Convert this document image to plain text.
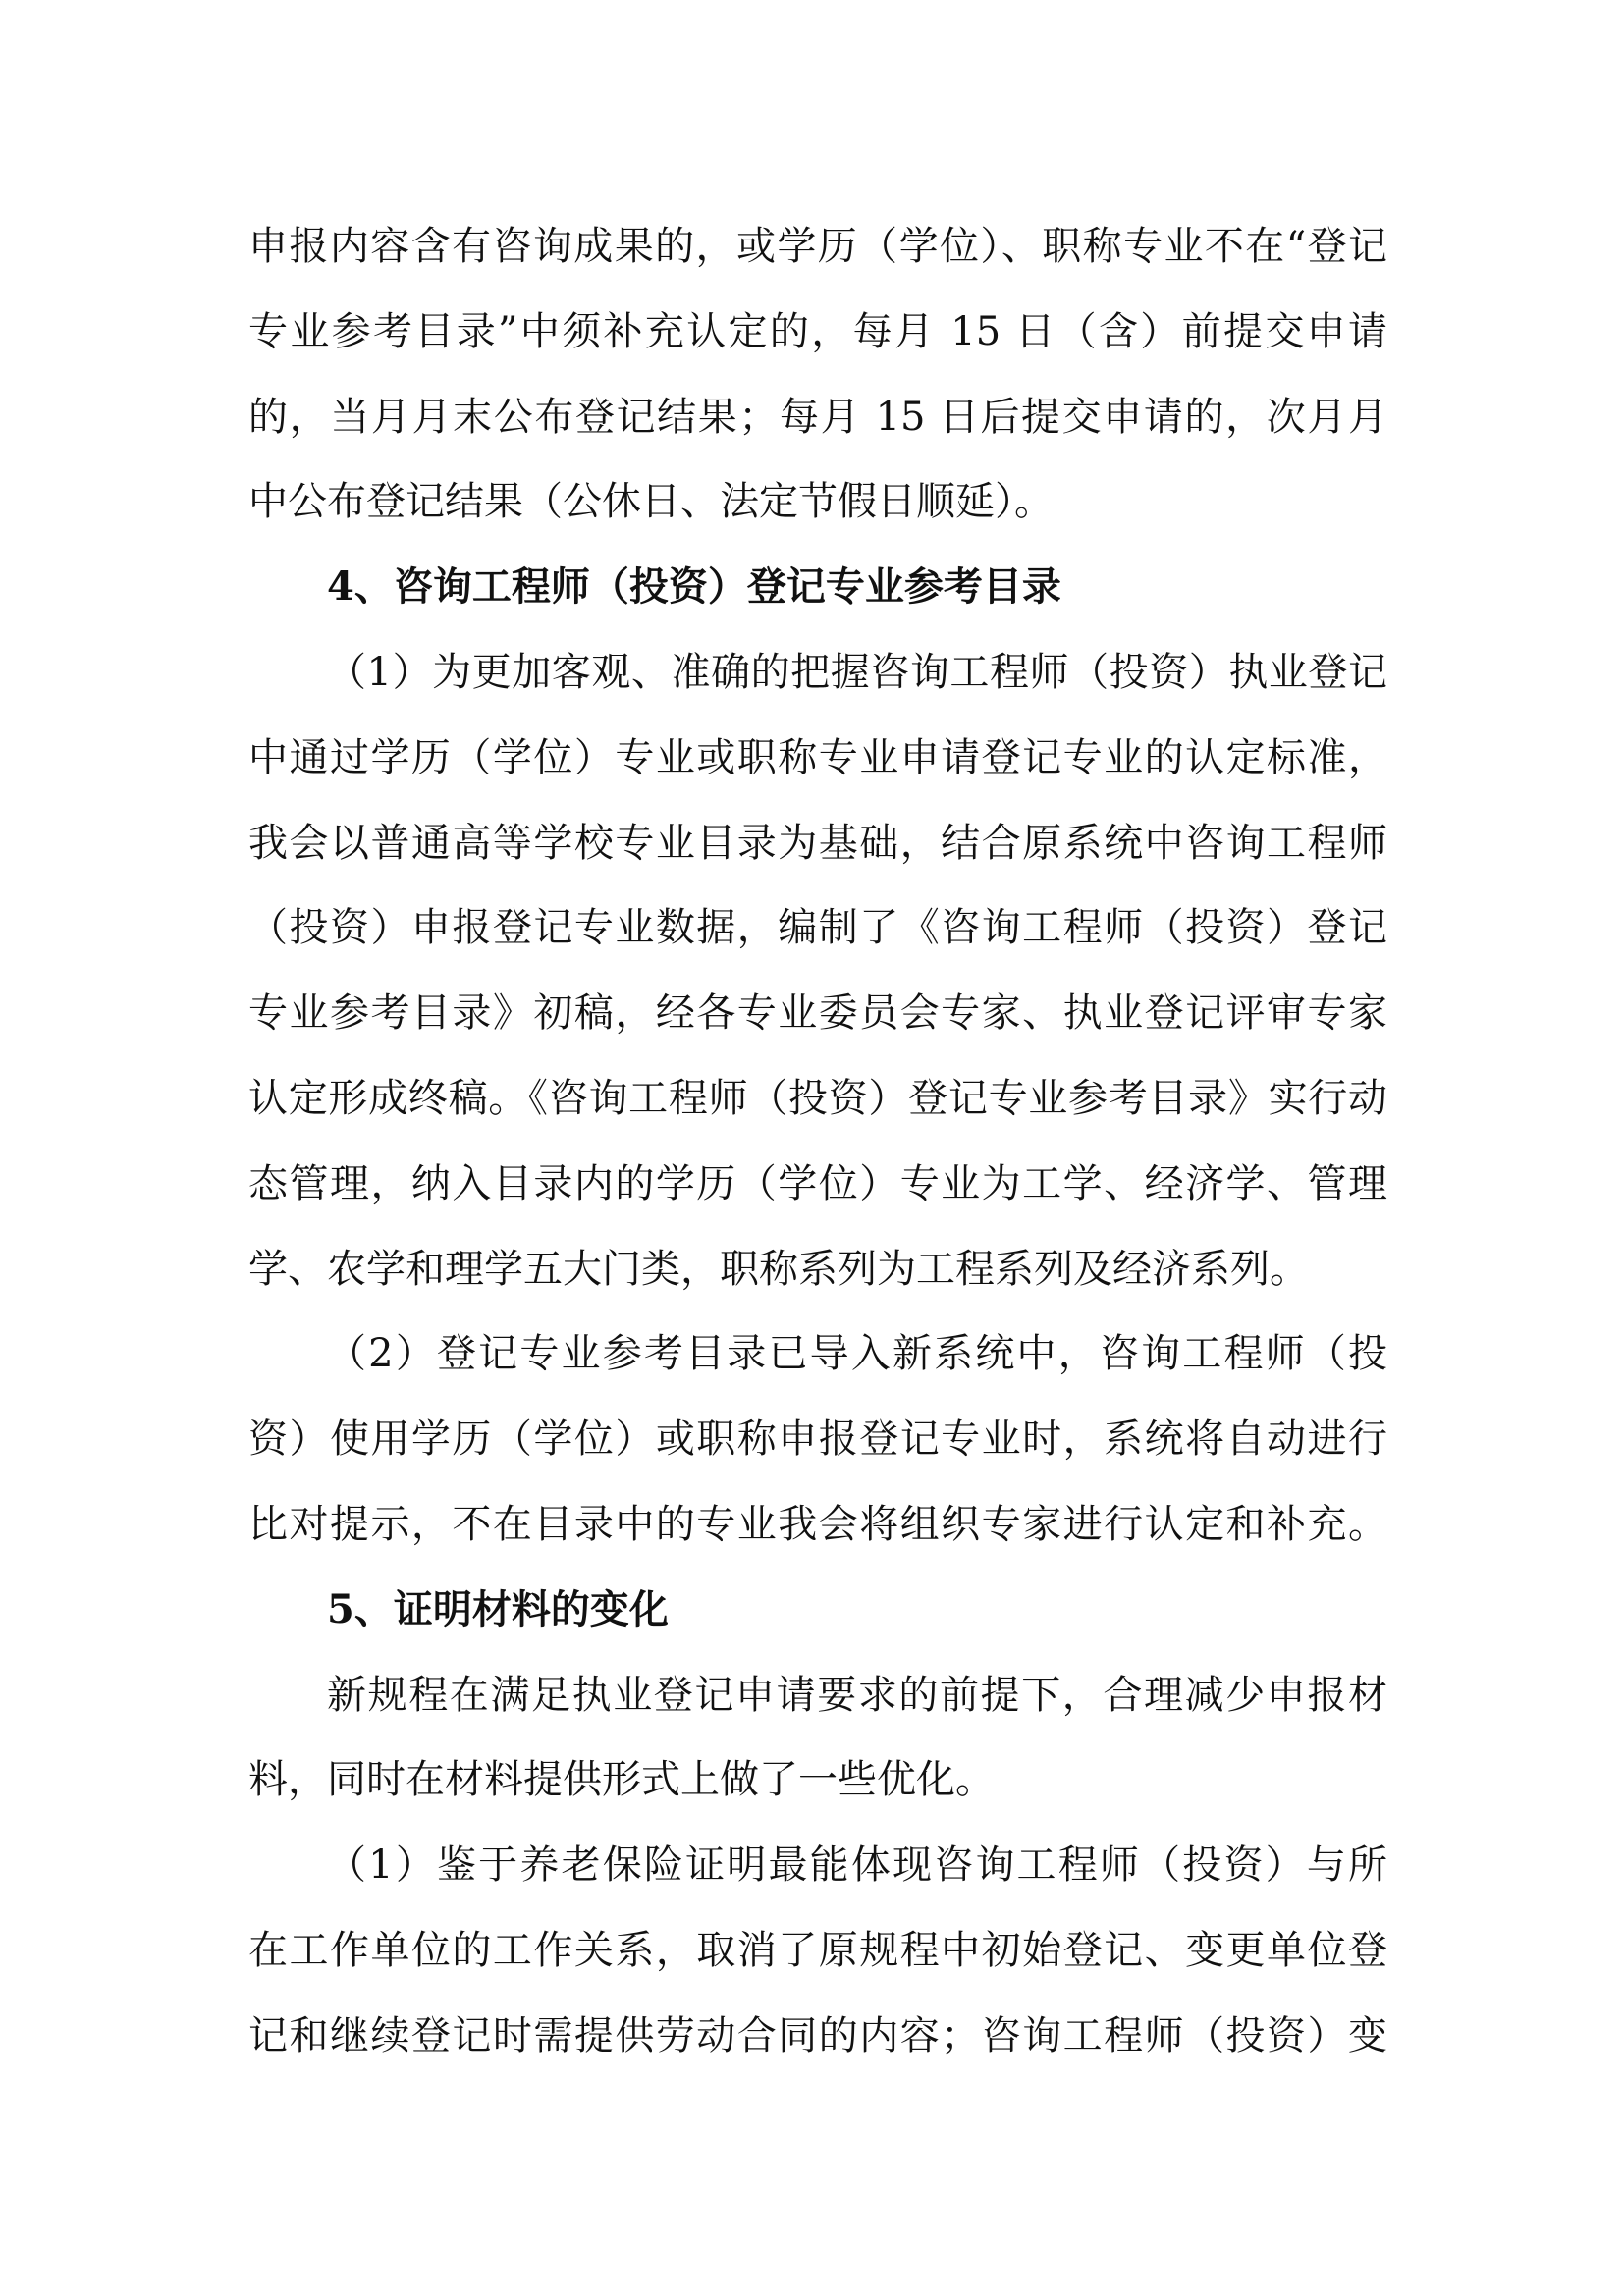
申报内容含有咨询成果的，或学历（学位）、职称专业不在“登记
专业参考目录”中须补充认定的，每月 15 日（含）前提交申请
的，当月月末公布登记结果；每月 15 日后提交申请的，次月月
中公布登记结果（公休日、法定节假日顺延）。
4、咨询工程师（投资）登记专业参考目录
（1）为更加客观、准确的把握咨询工程师（投资）执业登记
中通过学历（学位）专业或职称专业申请登记专业的认定标准，
我会以普通高等学校专业目录为基础，结合原系统中咨询工程师
（投资）申报登记专业数据，编制了《咨询工程师（投资）登记
专业参考目录》初稿，经各专业委员会专家、执业登记评审专家
认定形成终稿。《咨询工程师（投资）登记专业参考目录》实行动
态管理，纳入目录内的学历（学位）专业为工学、经济学、管理
学、农学和理学五大门类，职称系列为工程系列及经济系列。
（2）登记专业参考目录已导入新系统中，咨询工程师（投
资）使用学历（学位）或职称申报登记专业时，系统将自动进行
比对提示，不在目录中的专业我会将组织专家进行认定和补充。
5、证明材料的变化
新规程在满足执业登记申请要求的前提下，合理减少申报材
料，同时在材料提供形式上做了一些优化。
（1）鉴于养老保险证明最能体现咨询工程师（投资）与所
在工作单位的工作关系，取消了原规程中初始登记、变更单位登
记和继续登记时需提供劳动合同的内容；咨询工程师（投资）变
